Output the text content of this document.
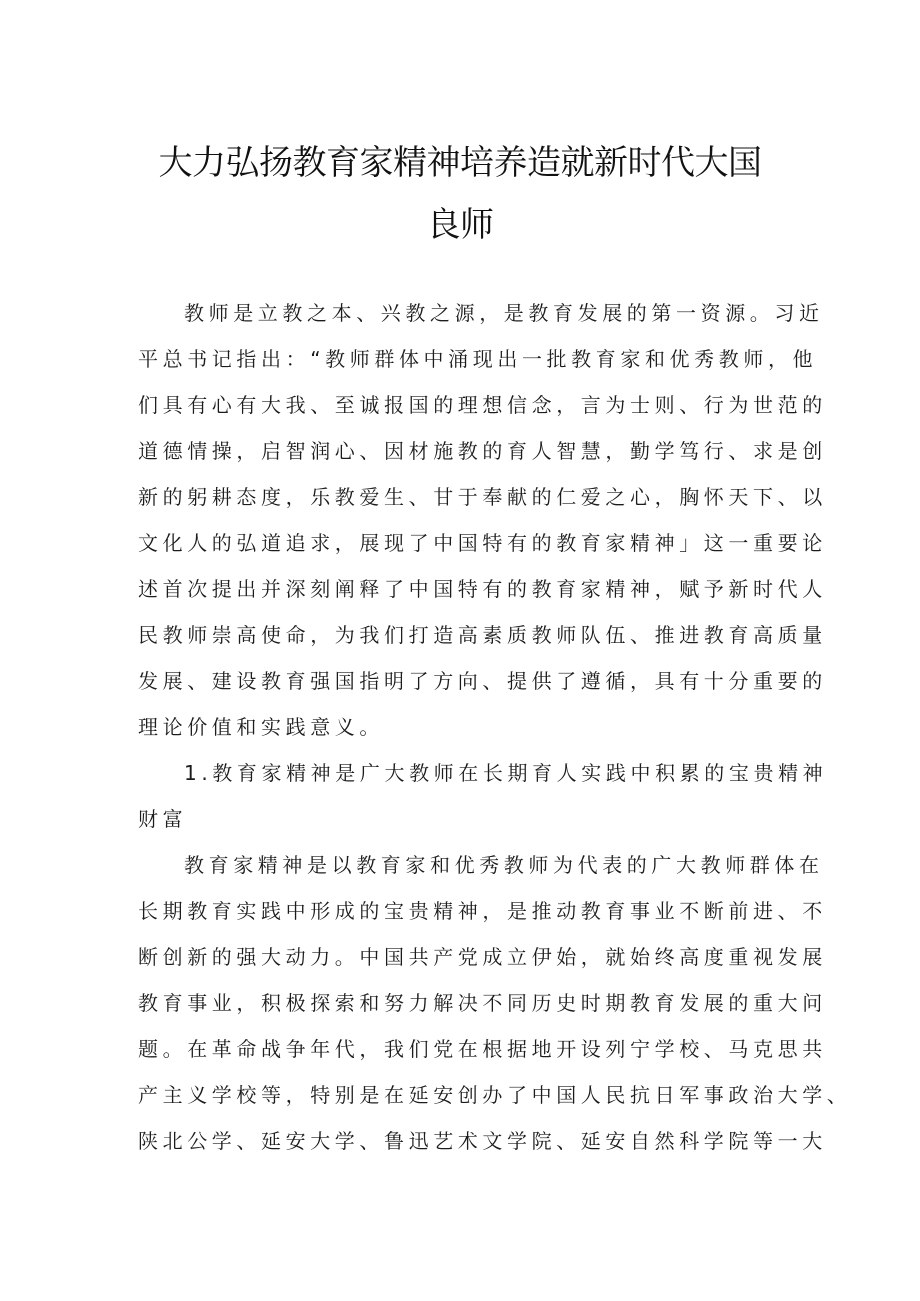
大力弘扬教育家精神培养造就新时代大国
良师
教师是立教之本、兴教之源，是教育发展的第一资源。习近
平总书记指出：“教师群体中涌现出一批教育家和优秀教师，他
们具有心有大我、至诚报国的理想信念，言为士则、行为世范的
道德情操，启智润心、因材施教的育人智慧，勤学笃行、求是创
新的躬耕态度，乐教爱生、甘于奉献的仁爱之心，胸怀天下、以
文化人的弘道追求，展现了中国特有的教育家精神」这一重要论
述首次提出并深刻阐释了中国特有的教育家精神，赋予新时代人
民教师崇高使命，为我们打造高素质教师队伍、推进教育高质量
发展、建设教育强国指明了方向、提供了遵循，具有十分重要的
理论价值和实践意义。
1.教育家精神是广大教师在长期育人实践中积累的宝贵精神
财富
教育家精神是以教育家和优秀教师为代表的广大教师群体在
长期教育实践中形成的宝贵精神，是推动教育事业不断前进、不
断创新的强大动力。中国共产党成立伊始，就始终高度重视发展
教育事业，积极探索和努力解决不同历史时期教育发展的重大问
题。在革命战争年代，我们党在根据地开设列宁学校、马克思共
产主义学校等，特别是在延安创办了中国人民抗日军事政治大学、
陕北公学、延安大学、鲁迅艺术文学院、延安自然科学院等一大
